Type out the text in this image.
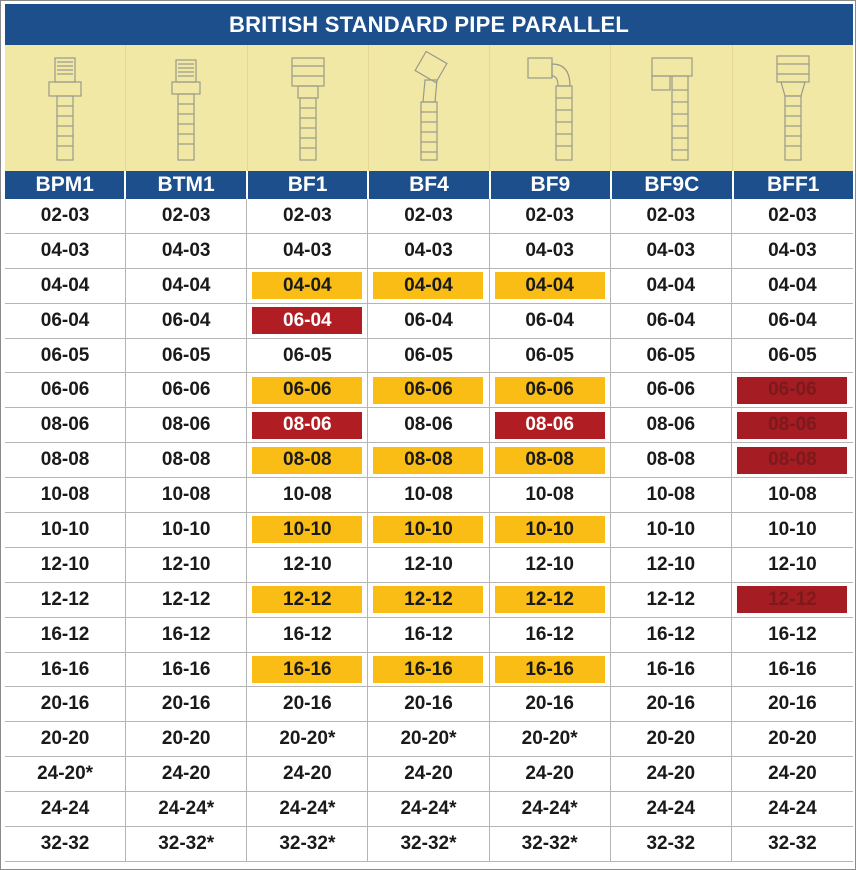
BRITISH STANDARD PIPE PARALLEL
BPM1	BTM1	BF1	BF4	BF9	BF9C	BFF1
02-03	02-03	02-03	02-03	02-03	02-03	02-03
04-03	04-03	04-03	04-03	04-03	04-03	04-03
04-04	04-04	04-04	04-04	04-04	04-04	04-04
06-04	06-04	06-04	06-04	06-04	06-04	06-04
06-05	06-05	06-05	06-05	06-05	06-05	06-05
06-06	06-06	06-06	06-06	06-06	06-06	06-06
08-06	08-06	08-06	08-06	08-06	08-06	08-06
08-08	08-08	08-08	08-08	08-08	08-08	08-08
10-08	10-08	10-08	10-08	10-08	10-08	10-08
10-10	10-10	10-10	10-10	10-10	10-10	10-10
12-10	12-10	12-10	12-10	12-10	12-10	12-10
12-12	12-12	12-12	12-12	12-12	12-12	12-12
16-12	16-12	16-12	16-12	16-12	16-12	16-12
16-16	16-16	16-16	16-16	16-16	16-16	16-16
20-16	20-16	20-16	20-16	20-16	20-16	20-16
20-20	20-20	20-20*	20-20*	20-20*	20-20	20-20
24-20*	24-20	24-20	24-20	24-20	24-20	24-20
24-24	24-24*	24-24*	24-24*	24-24*	24-24	24-24
32-32	32-32*	32-32*	32-32*	32-32*	32-32	32-32
